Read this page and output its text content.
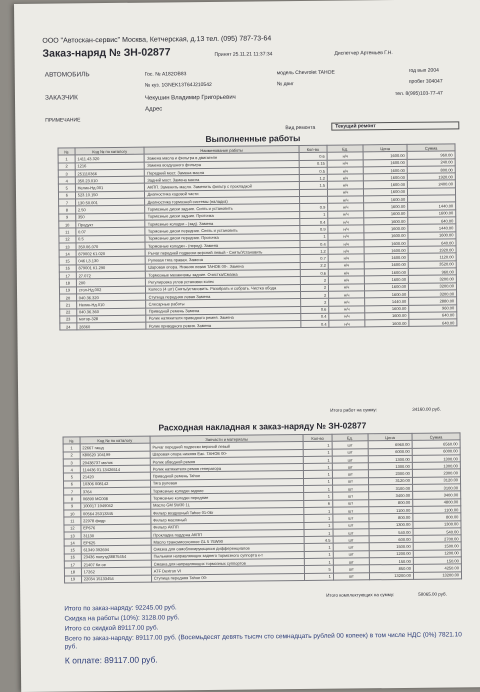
ООО "Автоскан-сервис" Москва, Кетчерская, д.13 тел. (095) 787-73-64
Заказ-наряд № ЗН-02877	Принят 25.11.21 11:37:34	Диспетчер Артемьев Г.Н.
АВТОМОБИЛЬ	Гос. № А182ОВ83	модель Chevrolet TAHOE	год вып 2004
№ куз. 1GNEK13T64J210542	№ двиг	пробег 304047
ЗАКАЗЧИК	Чекушин Владимир Григорьевич
тел. 8(995)103-77-47
Адрес
ПРИМЕЧАНИЕ
Вид ремонта	Текущий ремонт
Выполненные работы
№	Код № по каталогу	Наименование работы	Кол-во	Ед.	Цена	Сумма
1	1411.43.320	Замена масла и фильтра в двигателе	0.6	н/ч	1600.00	960.00
2	1216	Замена воздушного фильтра	0.15	н/ч	1600.00	240.00
3	251110366	Передний мост. Замена масла	0.5	н/ч	1600.00	800.00
4	350.23.010	Задний мост. Замена масла	1.2	н/ч	1600.00	1920.00
5	Нелик-Нд.001	АКПП. Заменить масло. Заменить фильтр с прокладкой	1.5	н/ч	1600.00	2400.00
6	523.10.150	Диагностика ходовой части		н/ч	1600.00	
7	130.50.001	Диагностика тормозной системы (наладка)		н/ч	1600.00	
8	2.50	Тормозные диски задние. Снять и установить	0.9	н/ч	1600.00	1440.00
9	350	Тормозные диски задние. Проточка	1	н/ч	1600.00	1600.00
10	Продукт	Тормозные колодки - (зад). Замена	0.4	н/ч	1600.00	640.00
11	0.07	Тормозные диски передние. Снять и установить	0.9	н/ч	1600.00	1440.00
12	0.5	Тормозные диски передние. Проточка	1	н/ч	1600.00	1600.00
13	350.06.070	Тормозные колодки - (перед). Замена	0.4	н/ч	1600.00	640.00
14	879002 К1.020	Рычаг передней подвески верхний левый - Снять/Установить	1.2	н/ч	1600.00	1920.00
15	046 L3.130	Рулевая тяга правая. Замена	0.7	н/ч	1600.00	1120.00
16	879001 К1.290	Шаровая опора. Нижняя левая TAHOE 00-. Замена	2.2	н/ч	1600.00	3520.00
17	27.072	Тормозные механизмы задние. Очистка/Смазка	0.6	н/ч	1600.00	960.00
18	200	Регулировка углов установки колес	2	н/ч	1600.00	3200.00
19	стол-Нд.002	Колесо (4 шт) Снять/установить. Разобрать и собрать. Чистка обода	2	н/ч	1600.00	3200.00
20	040.36.320	Ступица передняя левая Замена	2	н/ч	1600.00	3200.00
21	Нелик-Нд.010	Слесарные работы	2	н/ч	1440.00	2880.00
22	040.36.360	Приводной ремень Замена	0.6	н/ч	1600.00	960.00
23	мотор-328	Ролик натяжителя приводного ремня. Замена	0.4	н/ч	1600.00	640.00
24	28360	Ролик приводного ремня. Замена	0.4	н/ч	1600.00	640.00
Итого работ на сумму:	34160.00 руб.
Расходная накладная к заказ-наряду № ЗН-02877
№	Код № по каталогу	Запчасти и материалы	Кол-во	Ед.	Цена	Сумма
1	22667 гашд	Рычаг передней подвески верхний левый	1	шт	6960.00	6560.00
2	К80620 104199	Шаровая опора нижняя Еас. TAHOE 00-	1	шт	6000.00	6000.00
3	20438737 мелик	Ролик обводной ремня	1	шт	1300.00	1300.00
4	114436 01.13426514	Ролик натяжителя ремня генератора	1	шт	1300.00	1300.00
5	21420	Приводной ремень Tahoe	1	шт	2300.00	2300.00
6	10306 008142	Тяга рулевая	1	шт	3120.00	3120.00
7	3764	Тормозные колодки задние	1	шт	3100.00	3100.00
8	06890 МС008	Тормозные колодки передние	1	шт	3400.00	3400.00
9	100017 1949042	Масло GM 5W30 1L	6	шт	800.00	4800.00
10	00564 25313345	Фильтр воздушный Tahoe 01-06г	1	шт	1100.00	1100.00
11	22978 фидр	Фильтр масляный	1	шт	800.00	800.00
12	ЕР676	Фильтр АКПП	1	шт	1300.00	1300.00
13	31130	Прокладка поддона АКПП	1	шт	540.00	540.00
14	ЕР625	Масло трансмиссионное GL 5 75W90	4.5	шт	600.00	2700.00
15	61349 392694	Смазка для самоблокирующихся дифференциалов	1	шт	1500.00	1500.00
16	23436 полутд38875454	Пыльники направляющих заднего тормозного суппорта к-т	1	шт	1200.00	1200.00
17	21407 Ки ое	Смазка для направляющих тормозных суппортов	1	шт	150.00	150.00
18	17262	ATF Dextron VI	5	шт	850.00	4250.00
19	22034 15133454	Ступица передняя Tahoe 00-	1	шт	13200.00	13200.00
Итого комплектующих на сумму:	58065.00 руб.
Итого по заказ-наряду: 92245.00 руб.
Скидка на работы (10%): 3128.00 руб.
Итого со скидкой 89117.00 руб.
Всего по заказ-наряду: 89117.00 руб. (Восемьдесят девять тысяч сто семнадцать рублей 00 копеек) в том числе НДС (0%) 7821.10 руб.
К оплате: 89117.00 руб.
